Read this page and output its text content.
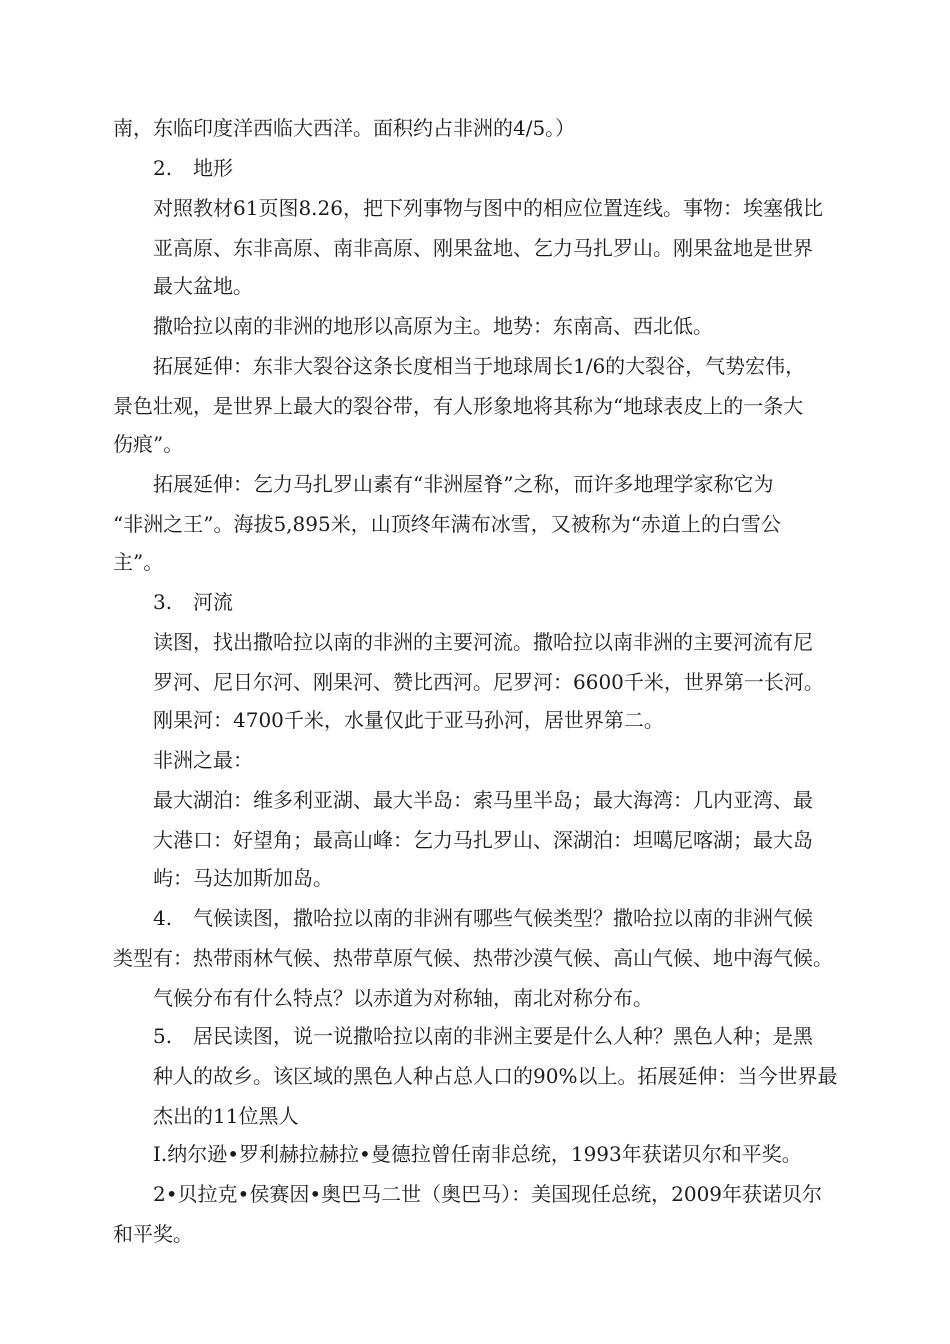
南，东临印度洋西临大西洋。面积约占非洲的4/5。）
2. 地形
对照教材61页图8.26，把下列事物与图中的相应位置连线。事物：埃塞俄比
亚高原、东非高原、南非高原、刚果盆地、乞力马扎罗山。刚果盆地是世界
最大盆地。
撒哈拉以南的非洲的地形以高原为主。地势：东南高、西北低。
拓展延伸：东非大裂谷这条长度相当于地球周长1/6的大裂谷，气势宏伟，
景色壮观，是世界上最大的裂谷带，有人形象地将其称为“地球表皮上的一条大
伤痕”。
拓展延伸：乞力马扎罗山素有“非洲屋脊”之称，而许多地理学家称它为
“非洲之王”。海拔5,895米，山顶终年满布冰雪，又被称为“赤道上的白雪公
主”。
3. 河流
读图，找出撒哈拉以南的非洲的主要河流。撒哈拉以南非洲的主要河流有尼
罗河、尼日尔河、刚果河、赞比西河。尼罗河：6600千米，世界第一长河。
刚果河：4700千米，水量仅此于亚马孙河，居世界第二。
非洲之最：
最大湖泊：维多利亚湖、最大半岛：索马里半岛；最大海湾：几内亚湾、最
大港口：好望角；最高山峰：乞力马扎罗山、深湖泊：坦噶尼喀湖；最大岛
屿：马达加斯加岛。
4. 气候读图，撒哈拉以南的非洲有哪些气候类型？撒哈拉以南的非洲气候
类型有：热带雨林气候、热带草原气候、热带沙漠气候、高山气候、地中海气候。
气候分布有什么特点？以赤道为对称轴，南北对称分布。
5. 居民读图，说一说撒哈拉以南的非洲主要是什么人种？黑色人种；是黑
种人的故乡。该区域的黑色人种占总人口的90%以上。拓展延伸：当今世界最
杰出的11位黑人
I.纳尔逊•罗利赫拉赫拉•曼德拉曾任南非总统，1993年获诺贝尔和平奖。
2•贝拉克•侯赛因•奥巴马二世（奥巴马）：美国现任总统，2009年获诺贝尔
和平奖。
